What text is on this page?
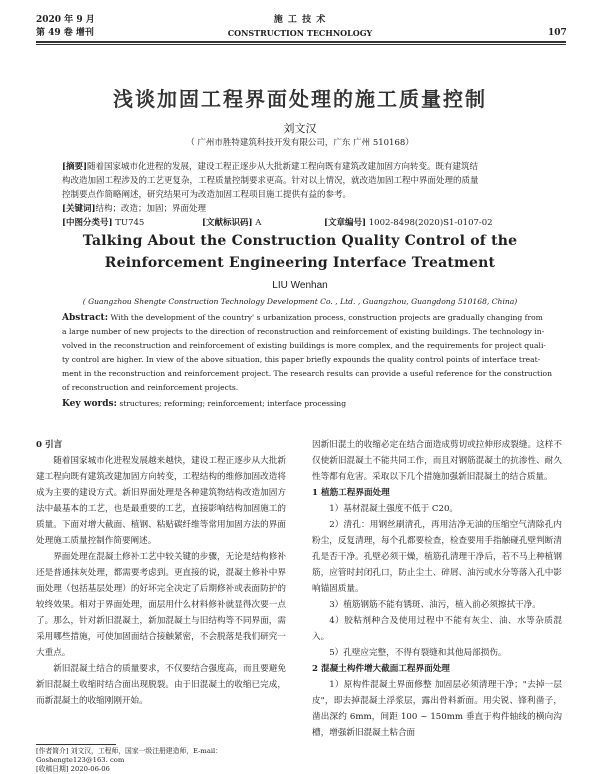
2020 年 9 月
第 49 卷 增刊
施 工 技 术
CONSTRUCTION TECHNOLOGY	107
浅谈加固工程界面处理的施工质量控制
刘文汉
（ 广州市胜特建筑科技开发有限公司，广东 广州 510168）

[摘要]随着国家城市化进程的发展，建设工程正逐步从大批新建工程向既有建筑改建加固方向转变。既有建筑结

构改造加固工程涉及的工艺更复杂，工程质量控制要求更高。针对以上情况，就改造加固工程中界面处理的质量

控制要点作简略阐述，研究结果可为改造加固工程项目施工提供有益的参考。

[关键词]结构；改造；加固；界面处理

[中图分类号] TU745	[文献标识码] A	[文章编号] 1002-8498(2020)S1-0107-02

Talking About the Construction Quality Control of the
Reinforcement Engineering Interface Treatment
LIU Wenhan
( Guangzhou Shengte Construction Technology Development Co. , Ltd. , Guangzhou, Guangdong 510168, China)
Abstract: With the development of the country' s urbanization process, construction projects are gradually changing from
a large number of new projects to the direction of reconstruction and reinforcement of existing buildings. The technology in-
volved in the reconstruction and reinforcement of existing buildings is more complex, and the requirements for project quali-
ty control are higher. In view of the above situation, this paper briefly expounds the quality control points of interface treat-
ment in the reconstruction and reinforcement project. The research results can provide a useful reference for the construction
of reconstruction and reinforcement projects.
Key words: structures; reforming; reinforcement; interface processing

0 引言

随着国家城市化进程发展越来越快，建设工程正逐步从大批新建工程向既有建筑改建加固方向转变，工程结构的维修加固改造将成为主要的建设方式。新旧界面处理是各种建筑物结构改造加固方法中最基本的工艺，也是最重要的工艺，直接影响结构加固施工的质量。下面对增大截面、植钢、粘贴碳纤维等常用加固方法的界面处理施工质量控制作简要阐述。

界面处理在混凝土修补工艺中较关键的步骤，无论是结构修补还是普通抹灰处理，都需要考虑到。更直接的说，混凝土修补中界面处理（包括基层处理）的好坏完全决定了后期修补或表面防护的较终效果。相对于界面处理，面层用什么材料修补就显得次要一点了。那么，针对新旧混凝土，新加混凝土与旧结构等不同界面，需采用哪些措施，可使加固面结合接触紧密，不会脱落是我们研究一大重点。

新旧混凝土结合的质量要求，不仅要结合强度高，而且要避免新旧混凝土收缩时结合面出现脱裂。由于旧混凝土的收缩已完成，而新混凝土的收缩刚刚开始。

[作者简介] 刘文汉，工程师，国家一级注册建造师，E-mail：Goshengte123@163. com
[收稿日期] 2020-06-06

因新旧混土的收缩必定在结合面造成剪切或拉伸形成裂缝。这样不仅使新旧混凝土不能共同工作，而且对钢筋混凝土的抗渗性、耐久性等都有危害。采取以下几个措施加强新旧混凝土的结合质量。

1 植筋工程界面处理

1）基材混凝土强度不低于 C20。

2）清孔：用钢丝刷清孔，再用洁净无油的压缩空气清除孔内粉尘，反复清理，每个孔都要检查，检查要用手指触碰孔壁判断清孔是否干净。孔壁必须干燥，植筋孔清理干净后，若不马上种植钢筋，应管时封闭孔口，防止尘土、碎屑、油污或水分等落入孔中影响锚固质量。

3）植筋钢筋不能有锈斑、油污，植入前必须擦拭干净。

4）胶粘剂种合及使用过程中不能有灰尘、油、水等杂质混入。

5）孔壁应完整，不得有裂缝和其他局部损伤。

2 混凝土构件增大截面工程界面处理

1）原构件混凝土界面修整 加固层必须清理干净；"去掉一层皮"，即去掉混凝土浮浆层，露出骨料新面。用尖锐、锋利凿子，凿出深约 6mm，间距 100 ~ 150mm 垂直于构件轴线的横向沟槽，增强新旧混凝土粘合面
